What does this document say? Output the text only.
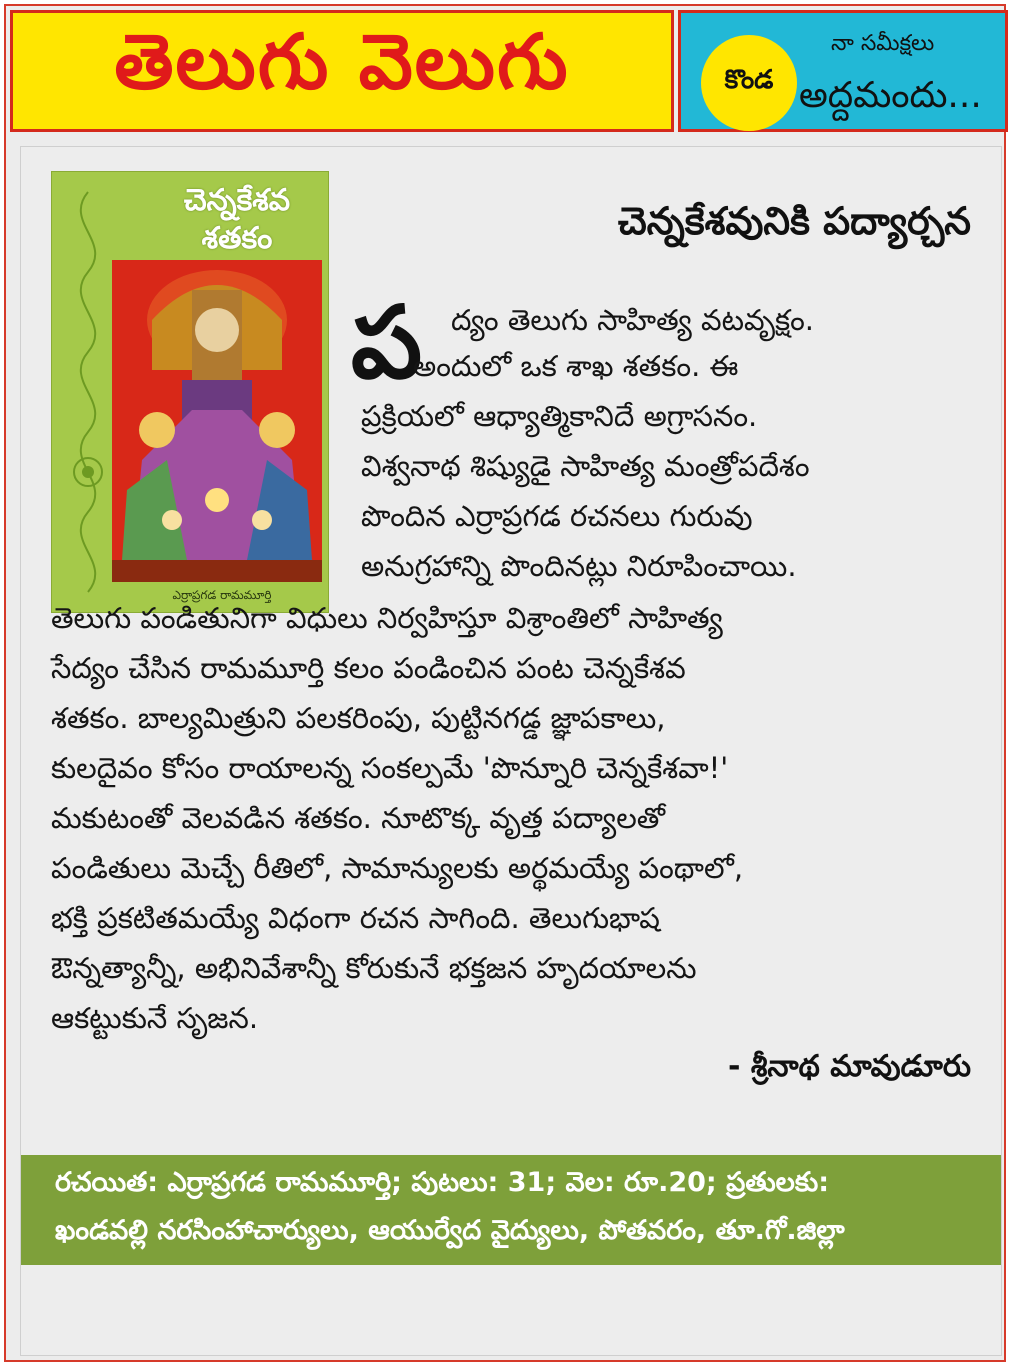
తెలుగు వెలుగు	కొండ
నా సమీక్షలు
అద్దమందు...
చెన్నకేశవ
శతకం
ఎర్రాప్రగడ రామమూర్తి
చెన్నకేశవునికి పద్యార్చన
ప ద్యం తెలుగు సాహిత్య వటవృక్షం.
అందులో ఒక శాఖ శతకం. ఈ
ప్రక్రియలో ఆధ్యాత్మికానిదే అగ్రాసనం.
విశ్వనాథ శిష్యుడై సాహిత్య మంత్రోపదేశం
పొందిన ఎర్రాప్రగడ రచనలు గురువు
అనుగ్రహాన్ని పొందినట్లు నిరూపించాయి.
తెలుగు పండితునిగా విధులు నిర్వహిస్తూ విశ్రాంతిలో సాహిత్య
సేద్యం చేసిన రామమూర్తి కలం పండించిన పంట చెన్నకేశవ
శతకం. బాల్యమిత్రుని పలకరింపు, పుట్టినగడ్డ జ్ఞాపకాలు,
కులదైవం కోసం రాయాలన్న సంకల్పమే 'పొన్నూరి చెన్నకేశవా!'
మకుటంతో వెలవడిన శతకం. నూటొక్క వృత్త పద్యాలతో
పండితులు మెచ్చే రీతిలో, సామాన్యులకు అర్థమయ్యే పంథాలో,
భక్తి ప్రకటితమయ్యే విధంగా రచన సాగింది. తెలుగుభాష
ఔన్నత్యాన్నీ, అభినివేశాన్నీ కోరుకునే భక్తజన హృదయాలను
ఆకట్టుకునే సృజన.
- శ్రీనాథ మావుడూరు
రచయిత: ఎర్రాప్రగడ రామమూర్తి; పుటలు: 31; వెల: రూ.20; ప్రతులకు:
ఖండవల్లి నరసింహాచార్యులు, ఆయుర్వేద వైద్యులు, పోతవరం, తూ.గో.జిల్లా
